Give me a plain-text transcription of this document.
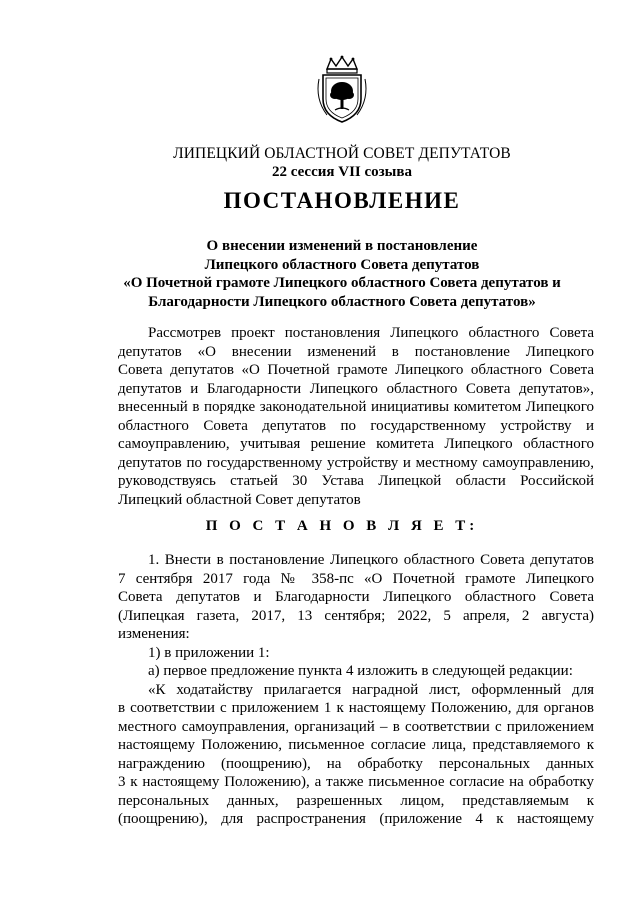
ЛИПЕЦКИЙ ОБЛАСТНОЙ СОВЕТ ДЕПУТАТОВ
22 сессия VII созыва
ПОСТАНОВЛЕНИЕ
О внесении изменений в постановление
Липецкого областного Совета депутатов
«О Почетной грамоте Липецкого областного Совета депутатов и
Благодарности Липецкого областного Совета депутатов»
Рассмотрев проект постановления Липецкого областного Совета
депутатов «О внесении изменений в постановление Липецкого
Совета депутатов «О Почетной грамоте Липецкого областного Совета
депутатов и Благодарности Липецкого областного Совета депутатов»,
внесенный в порядке законодательной инициативы комитетом Липецкого
областного Совета депутатов по государственному устройству и
самоуправлению, учитывая решение комитета Липецкого областного
депутатов по государственному устройству и местному самоуправлению,
руководствуясь статьей 30 Устава Липецкой области Российской
Липецкий областной Совет депутатов
П О С Т А Н О В Л Я Е Т:
1. Внести в постановление Липецкого областного Совета депутатов
7 сентября 2017 года № 358-пс «О Почетной грамоте Липецкого
Совета депутатов и Благодарности Липецкого областного Совета
(Липецкая газета, 2017, 13 сентября; 2022, 5 апреля, 2 августа)
изменения:
1) в приложении 1:
а) первое предложение пункта 4 изложить в следующей редакции:
«К ходатайству прилагается наградной лист, оформленный для
в соответствии с приложением 1 к настоящему Положению, для органов
местного самоуправления, организаций – в соответствии с приложением
настоящему Положению, письменное согласие лица, представляемого к
награждению (поощрению), на обработку персональных данных
3 к настоящему Положению), а также письменное согласие на обработку
персональных данных, разрешенных лицом, представляемым к
(поощрению), для распространения (приложение 4 к настоящему
